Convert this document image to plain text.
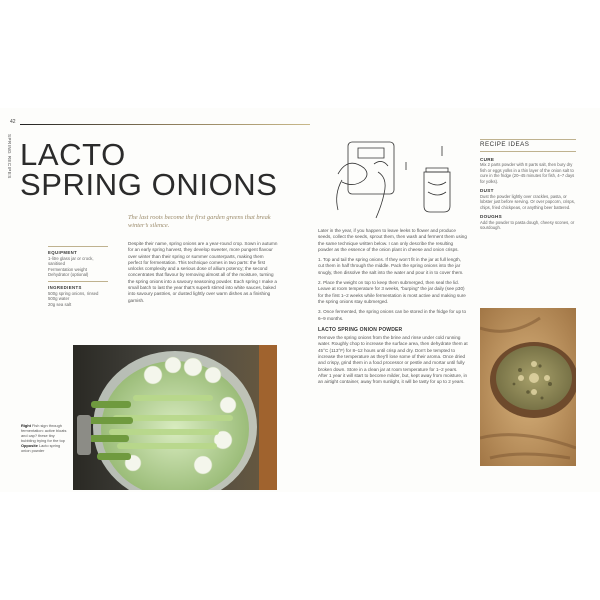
42
SPRING RECIPES LACTO
SPRING ONIONS
The last roots become the first garden greens that break winter’s silence.
Despite their name, spring onions are a year-round crop. Sown in autumn for an early spring harvest, they develop sweeter, more pungent flavour over winter than their spring or summer counterparts, making them perfect for fermentation. This technique comes in two parts: the first unlocks complexity and a serious dose of allium potency; the second concentrates that flavour by removing almost all of the moisture, turning the spring onions into a savoury seasoning powder. Each spring I make a small batch to last the year that’s superb stirred into white sauces, baked into savoury pastries, or dusted lightly over warm dishes as a finishing garnish.
EQUIPMENT
1-litre glass jar or crock, sanitised
Fermentation weight
Dehydrator (optional)
INGREDIENTS
500g spring onions, rinsed
500g water
20g sea salt
Right Fish sign through fermentation: active bloats and cap? these tiny bubbling trying for the top
Opposite Lacto spring onion powder

Later in the year, if you happen to leave leeks to flower and produce seeds, collect the seeds, sprout them, then wash and ferment them using the same technique written below. I can only describe the resulting powder as the essence of the onion plant in cheese and onion crisps.

1. Top and tail the spring onions. If they won’t fit in the jar at full length, cut them in half through the middle. Pack the spring onions into the jar snugly, then dissolve the salt into the water and pour it in to cover them.

2. Place the weight on top to keep them submerged, then seal the lid. Leave at room temperature for 3 weeks, “burping” the jar daily (see p30) for the first 1–2 weeks while fermentation is most active and making sure the spring onions stay submerged.

3. Once fermented, the spring onions can be stored in the fridge for up to 6–9 months.

LACTO SPRING ONION POWDER

Remove the spring onions from the brine and rinse under cold running water. Roughly chop to increase the surface area, then dehydrate them at 45°C (113°F) for 8–12 hours until crisp and dry. Don’t be tempted to increase the temperature as they’ll lose some of their aroma. Once dried and crispy, grind them in a food processor or pestle and mortar until fully broken down. Store in a clean jar at room temperature for 1–2 years. After 1 year it will start to become milder, but, kept away from moisture, in an airtight container, away from sunlight, it will be tasty for up to 2 years.

RECIPE IDEAS
CURE
Mix 2 parts powder with 8 parts salt, then bury dry fish or eggs yolks in a thin layer of the onion salt to cure in the fridge (20–45 minutes for fish, 4–7 days for yolks).
DUST
Dust the powder lightly over crackles, pasta, or lobster just before serving. Or over popcorn, crisps, chips, fried chickpeas, or anything beer battered.
DOUGHS
Add the powder to pasta dough, cheesy scones, or sourdough.
